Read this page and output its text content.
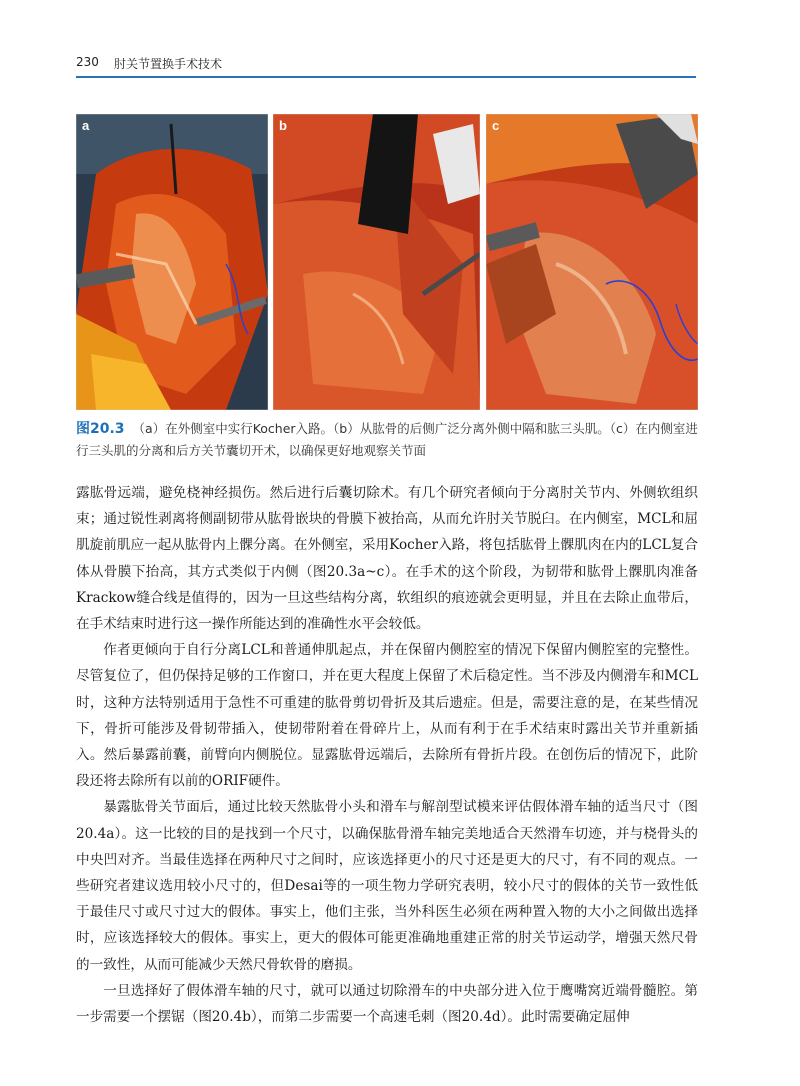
230 肘关节置换手术技术
a	b	c
图20.3 （a）在外侧室中实行Kocher入路。（b）从肱骨的后侧广泛分离外侧中隔和肱三头肌。（c）在内侧室进行三头肌的分离和后方关节囊切开术，以确保更好地观察关节面

露肱骨远端，避免桡神经损伤。然后进行后囊切除术。有几个研究者倾向于分离肘关节内、外侧软组织束；通过锐性剥离将侧副韧带从肱骨嵌块的骨膜下被抬高，从而允许肘关节脱臼。在内侧室，MCL和屈肌旋前肌应一起从肱骨内上髁分离。在外侧室，采用Kocher入路，将包括肱骨上髁肌肉在内的LCL复合体从骨膜下抬高，其方式类似于内侧（图20.3a~c）。在手术的这个阶段，为韧带和肱骨上髁肌肉准备Krackow缝合线是值得的，因为一旦这些结构分离，软组织的痕迹就会更明显，并且在去除止血带后，在手术结束时进行这一操作所能达到的准确性水平会较低。

作者更倾向于自行分离LCL和普通伸肌起点，并在保留内侧腔室的情况下保留内侧腔室的完整性。尽管复位了，但仍保持足够的工作窗口，并在更大程度上保留了术后稳定性。当不涉及内侧滑车和MCL时，这种方法特别适用于急性不可重建的肱骨剪切骨折及其后遗症。但是，需要注意的是，在某些情况下，骨折可能涉及骨韧带插入，使韧带附着在骨碎片上，从而有利于在手术结束时露出关节并重新插入。然后暴露前囊，前臂向内侧脱位。显露肱骨远端后，去除所有骨折片段。在创伤后的情况下，此阶段还将去除所有以前的ORIF硬件。

暴露肱骨关节面后，通过比较天然肱骨小头和滑车与解剖型试模来评估假体滑车轴的适当尺寸（图20.4a）。这一比较的目的是找到一个尺寸，以确保肱骨滑车轴完美地适合天然滑车切迹，并与桡骨头的中央凹对齐。当最佳选择在两种尺寸之间时，应该选择更小的尺寸还是更大的尺寸，有不同的观点。一些研究者建议选用较小尺寸的，但Desai等的一项生物力学研究表明，较小尺寸的假体的关节一致性低于最佳尺寸或尺寸过大的假体。事实上，他们主张，当外科医生必须在两种置入物的大小之间做出选择时，应该选择较大的假体。事实上，更大的假体可能更准确地重建正常的肘关节运动学，增强天然尺骨的一致性，从而可能减少天然尺骨软骨的磨损。

一旦选择好了假体滑车轴的尺寸，就可以通过切除滑车的中央部分进入位于鹰嘴窝近端骨髓腔。第一步需要一个摆锯（图20.4b），而第二步需要一个高速毛刺（图20.4d）。此时需要确定屈伸
